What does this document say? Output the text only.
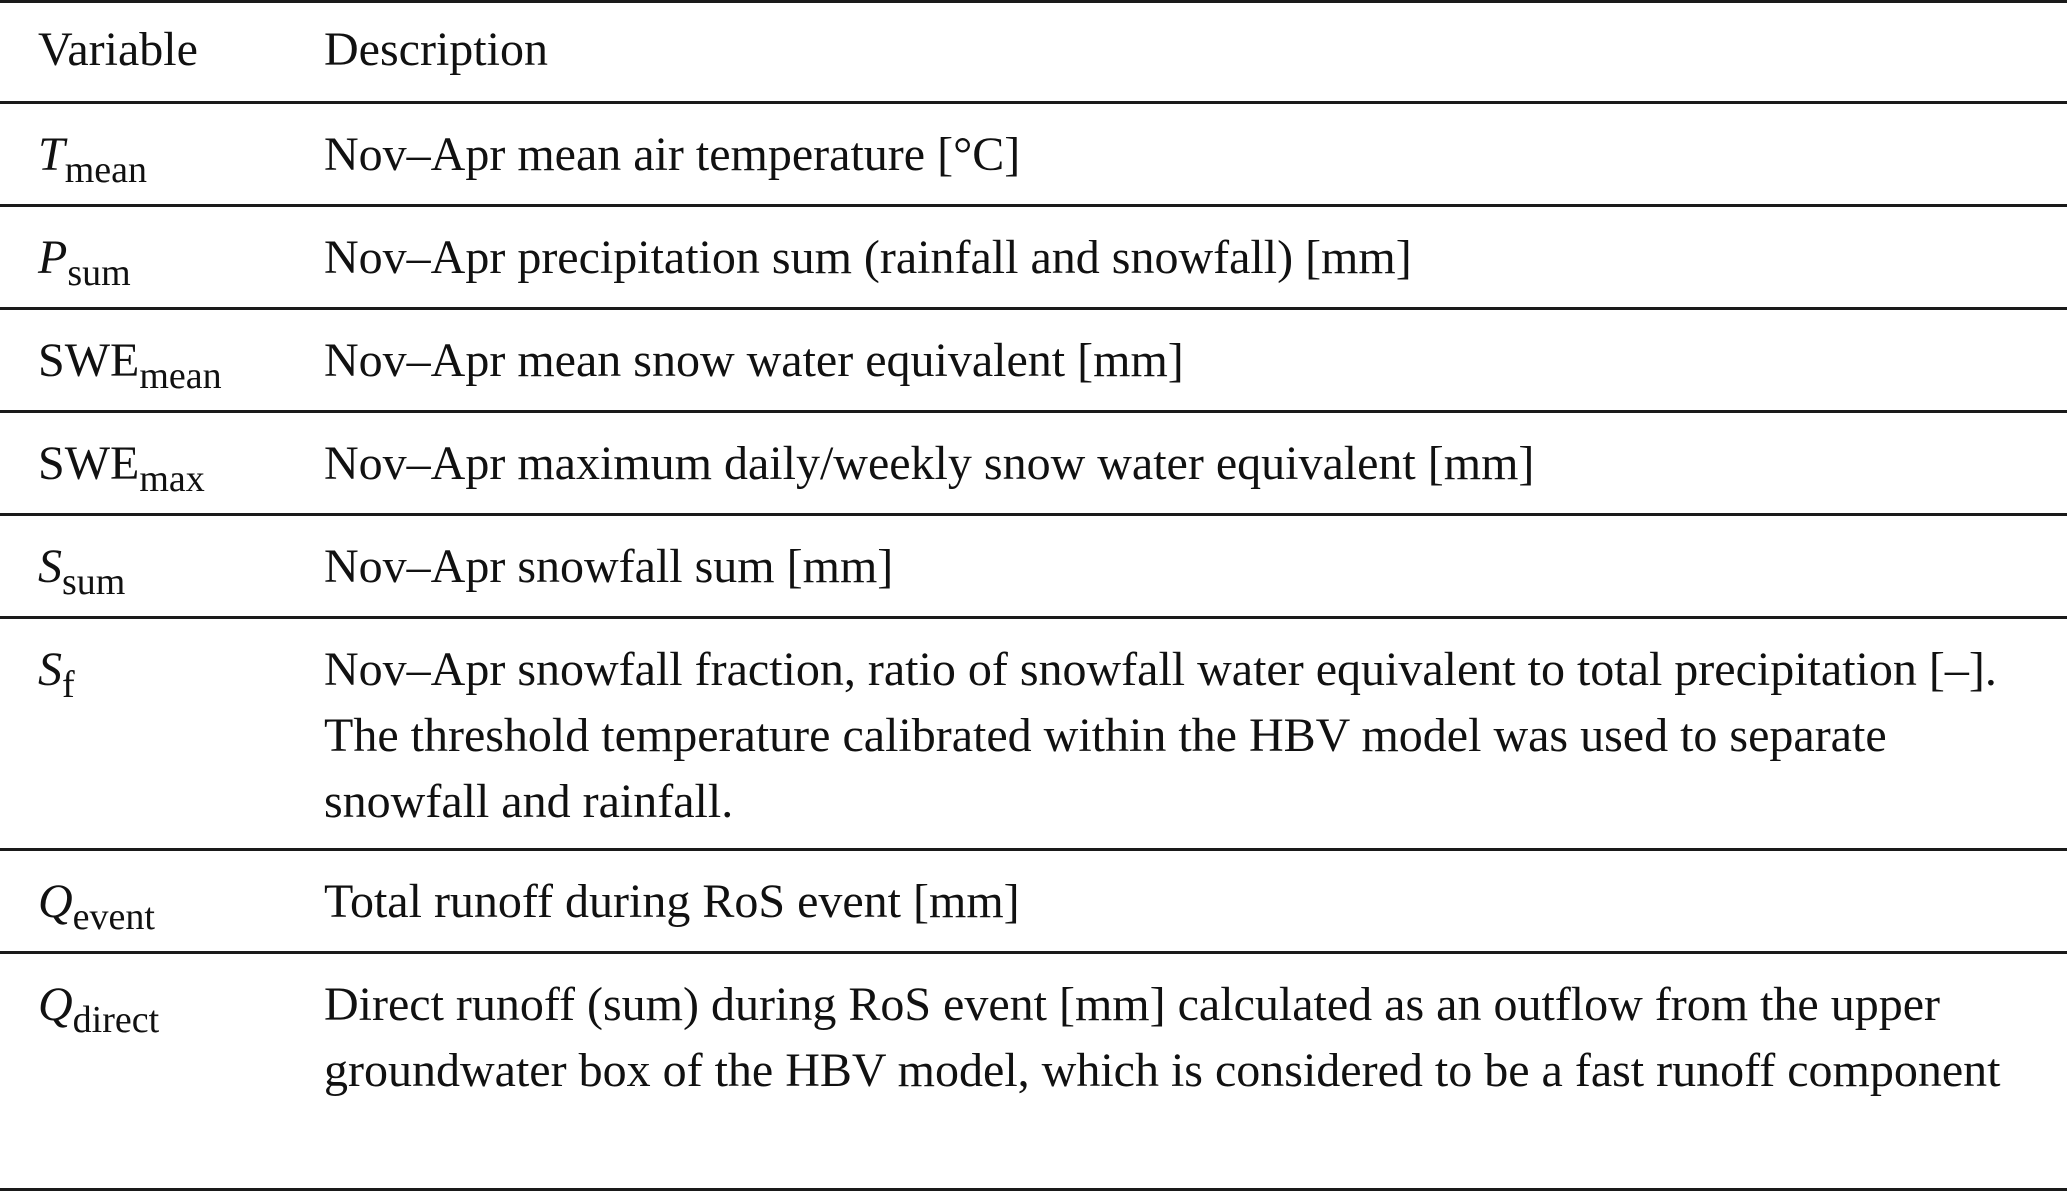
Variable	Description
$T_{mean}$	Nov–Apr mean air temperature [°C]
$P_{sum}$	Nov–Apr precipitation sum (rainfall and snowfall) [mm]
$SWE_{mean}$ Nov–Apr mean snow water equivalent [mm]
$SWE_{max}$ Nov–Apr maximum daily/weekly snow water equivalent [mm]
$S_{sum}$	Nov–Apr snowfall sum [mm]
$S_f$	Nov–Apr snowfall fraction, ratio of snowfall water equivalent to total precipitation [–]. The threshold temperature calibrated within the HBV model was used to separate snowfall and rainfall.
$Q_{event}$	Total runoff during RoS event [mm]
$Q_{direct}$	Direct runoff (sum) during RoS event [mm] calculated as an outflow from the upper groundwater box of the HBV model, which is considered to be a fast runoff component
